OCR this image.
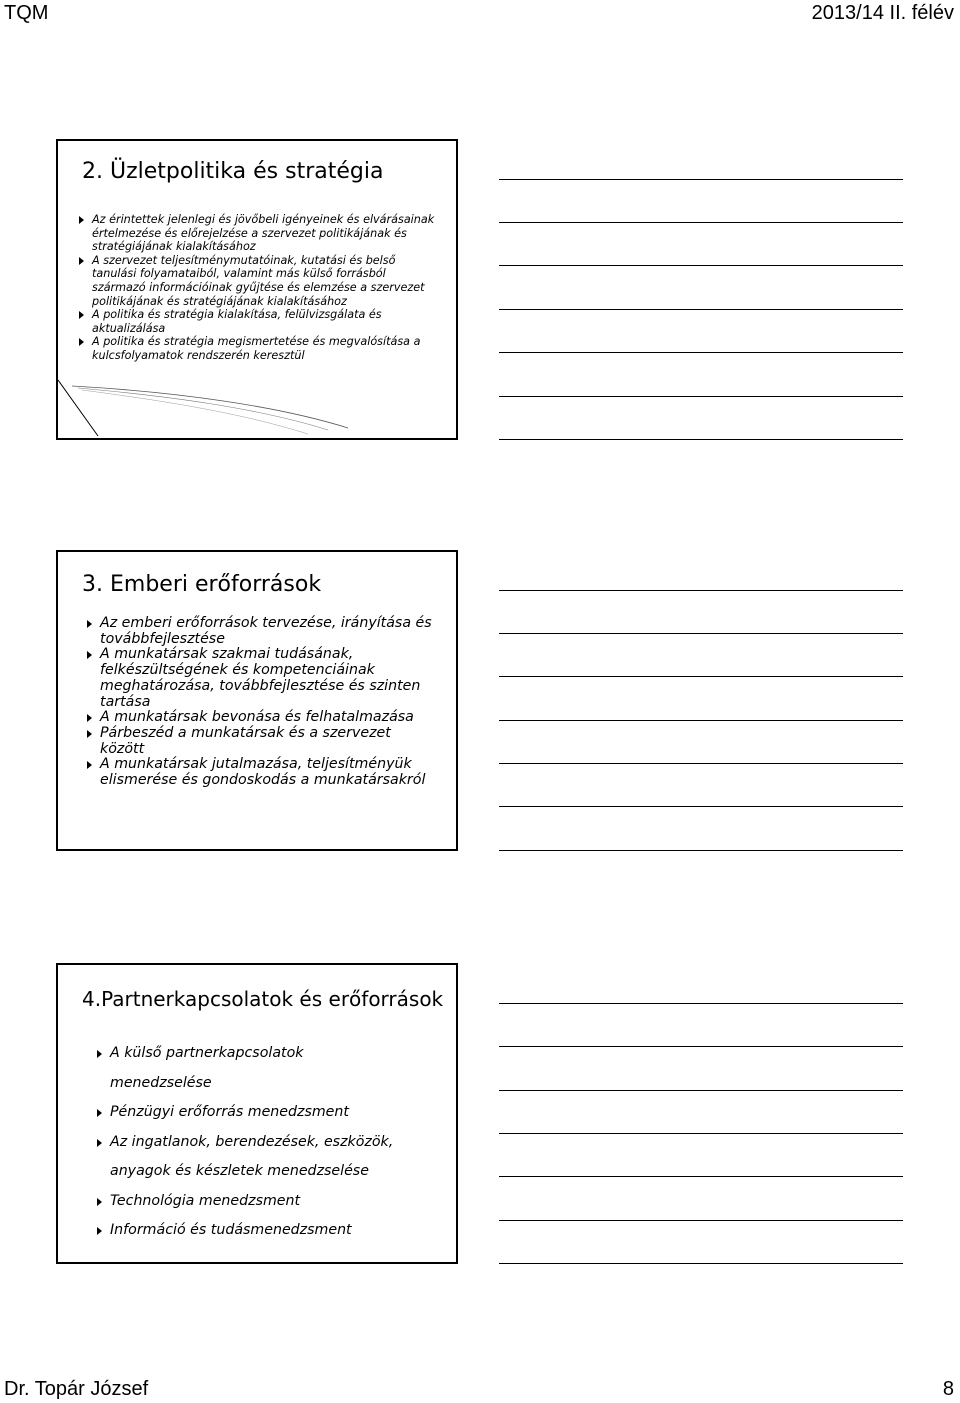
TQM	2013/14 II. félév
2. Üzletpolitika és stratégia
Az érintettek jelenlegi és jövőbeli igényeinek és elvárásainak értelmezése és előrejelzése a szervezet politikájának és stratégiájának kialakításához
A szervezet teljesítménymutatóinak, kutatási és belső tanulási folyamataiból, valamint más külső forrásból származó információinak gyűjtése és elemzése a szervezet politikájának és stratégiájának kialakításához
A politika és stratégia kialakítása, felülvizsgálata és aktualizálása
A politika és stratégia megismertetése és megvalósítása a kulcsfolyamatok rendszerén keresztül
3. Emberi erőforrások
Az emberi erőforrások tervezése, irányítása és továbbfejlesztése
A munkatársak szakmai tudásának, felkészültségének és kompetenciáinak meghatározása, továbbfejlesztése és szinten tartása
A munkatársak bevonása és felhatalmazása
Párbeszéd a munkatársak és a szervezet között
A munkatársak jutalmazása, teljesítményük elismerése és gondoskodás a munkatársakról
4.Partnerkapcsolatok és erőforrások
A külső partnerkapcsolatok
menedzselése
Pénzügyi erőforrás menedzsment
Az ingatlanok, berendezések, eszközök,
anyagok és készletek menedzselése
Technológia menedzsment
Információ és tudásmenedzsment
Dr. Topár József	8
